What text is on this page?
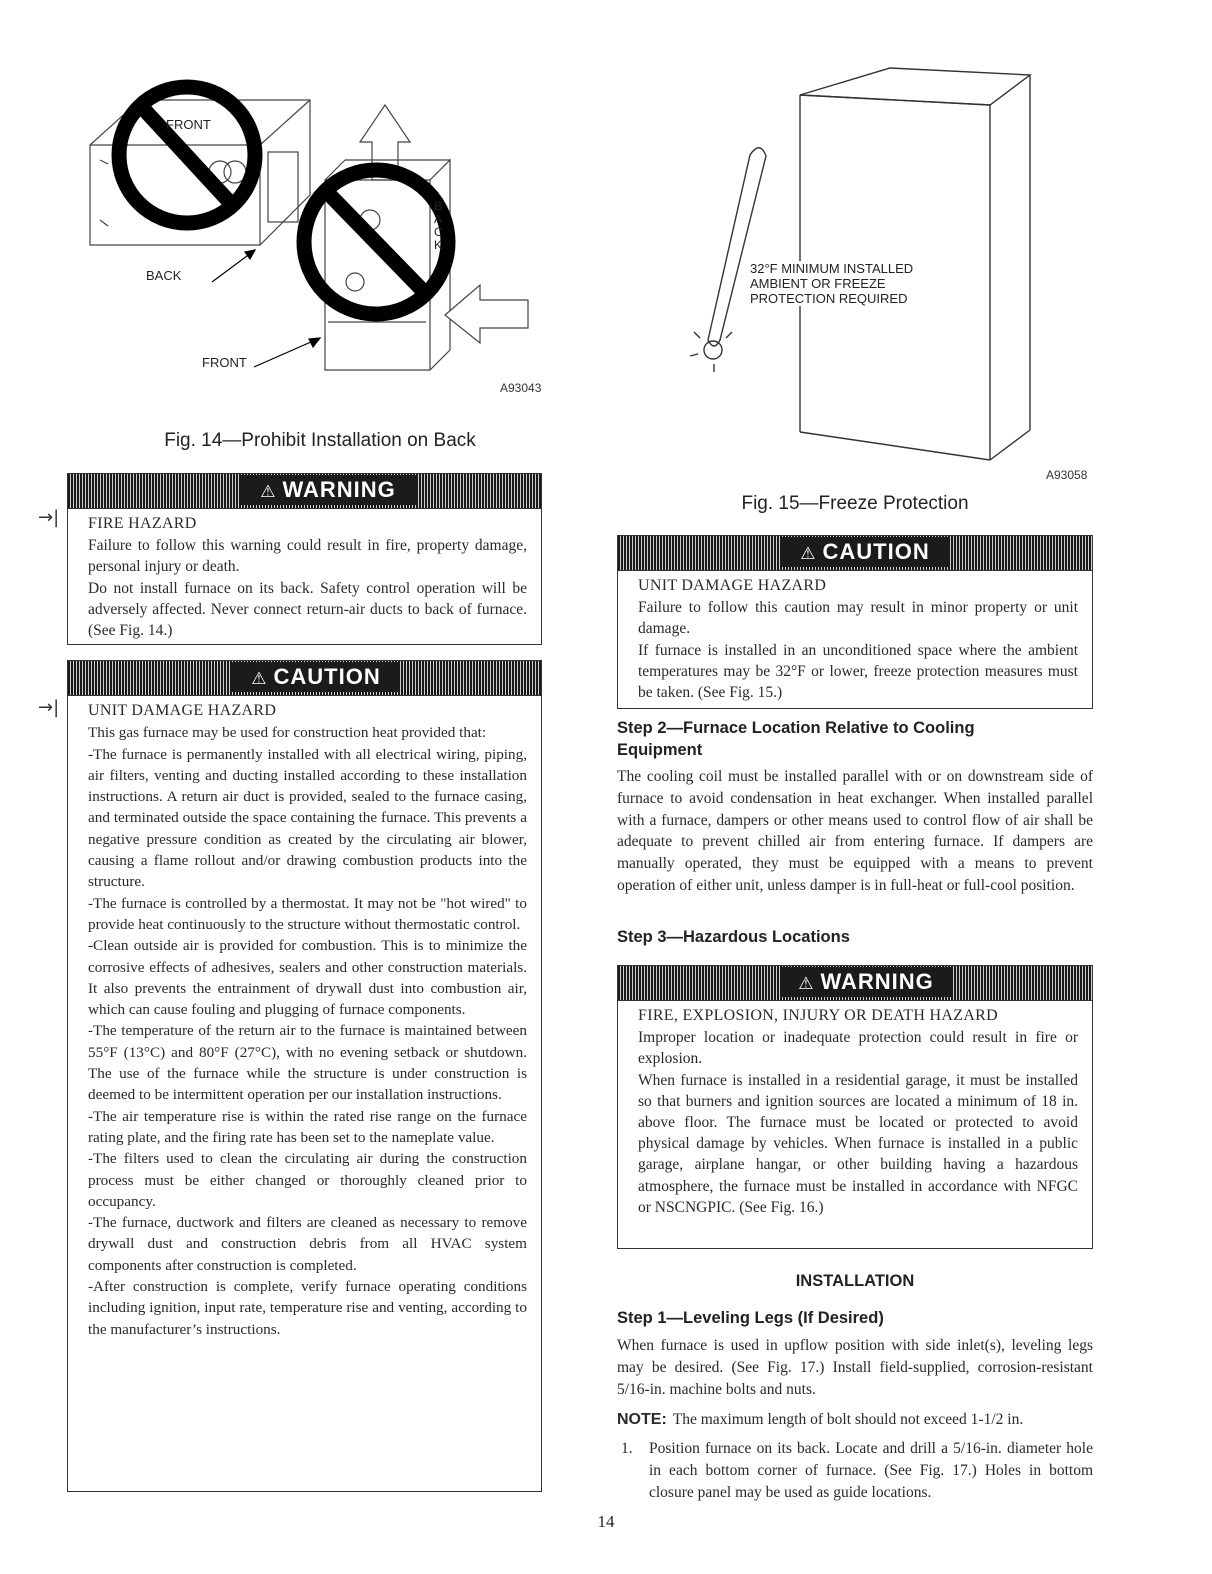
FRONT
B
A
C
K
BACK
FRONT
A93043
Fig. 14—Prohibit Installation on Back
32°F MINIMUM INSTALLED
AMBIENT OR FREEZE
PROTECTION REQUIRED
A93058
Fig. 15—Freeze Protection
→|
⚠ WARNING
FIRE HAZARD

Failure to follow this warning could result in fire, property damage, personal injury or death.

Do not install furnace on its back. Safety control operation will be adversely affected. Never connect return-air ducts to back of furnace. (See Fig. 14.)

→|
⚠ CAUTION
UNIT DAMAGE HAZARD

This gas furnace may be used for construction heat provided that:

-The furnace is permanently installed with all electrical wiring, piping, air filters, venting and ducting installed according to these installation instructions. A return air duct is provided, sealed to the furnace casing, and terminated outside the space containing the furnace. This prevents a negative pressure condition as created by the circulating air blower, causing a flame rollout and/or drawing combustion products into the structure.

-The furnace is controlled by a thermostat. It may not be "hot wired" to provide heat continuously to the structure without thermostatic control.

-Clean outside air is provided for combustion. This is to minimize the corrosive effects of adhesives, sealers and other construction materials. It also prevents the entrainment of drywall dust into combustion air, which can cause fouling and plugging of furnace components.

-The temperature of the return air to the furnace is maintained between 55°F (13°C) and 80°F (27°C), with no evening setback or shutdown. The use of the furnace while the structure is under construction is deemed to be intermittent operation per our installation instructions.

-The air temperature rise is within the rated rise range on the furnace rating plate, and the firing rate has been set to the nameplate value.

-The filters used to clean the circulating air during the construction process must be either changed or thoroughly cleaned prior to occupancy.

-The furnace, ductwork and filters are cleaned as necessary to remove drywall dust and construction debris from all HVAC system components after construction is completed.

-After construction is complete, verify furnace operating conditions including ignition, input rate, temperature rise and venting, according to the manufacturer’s instructions.

⚠ CAUTION
UNIT DAMAGE HAZARD

Failure to follow this caution may result in minor property or unit damage.

If furnace is installed in an unconditioned space where the ambient temperatures may be 32°F or lower, freeze protection measures must be taken. (See Fig. 15.)

Step 2—Furnace Location Relative to Cooling Equipment

The cooling coil must be installed parallel with or on downstream side of furnace to avoid condensation in heat exchanger. When installed parallel with a furnace, dampers or other means used to control flow of air shall be adequate to prevent chilled air from entering furnace. If dampers are manually operated, they must be equipped with a means to prevent operation of either unit, unless damper is in full-heat or full-cool position.

Step 3—Hazardous Locations
⚠ WARNING
FIRE, EXPLOSION, INJURY OR DEATH HAZARD

Improper location or inadequate protection could result in fire or explosion.

When furnace is installed in a residential garage, it must be installed so that burners and ignition sources are located a minimum of 18 in. above floor. The furnace must be located or protected to avoid physical damage by vehicles. When furnace is installed in a public garage, airplane hangar, or other building having a hazardous atmosphere, the furnace must be installed in accordance with NFGC or NSCNGPIC. (See Fig. 16.)

INSTALLATION
Step 1—Leveling Legs (If Desired)

When furnace is used in upflow position with side inlet(s), leveling legs may be desired. (See Fig. 17.) Install field-supplied, corrosion-resistant 5/16-in. machine bolts and nuts.

NOTE: The maximum length of bolt should not exceed 1-1/2 in.
1. Position furnace on its back. Locate and drill a 5/16-in. diameter hole in each bottom corner of furnace. (See Fig. 17.) Holes in bottom closure panel may be used as guide locations.

14
